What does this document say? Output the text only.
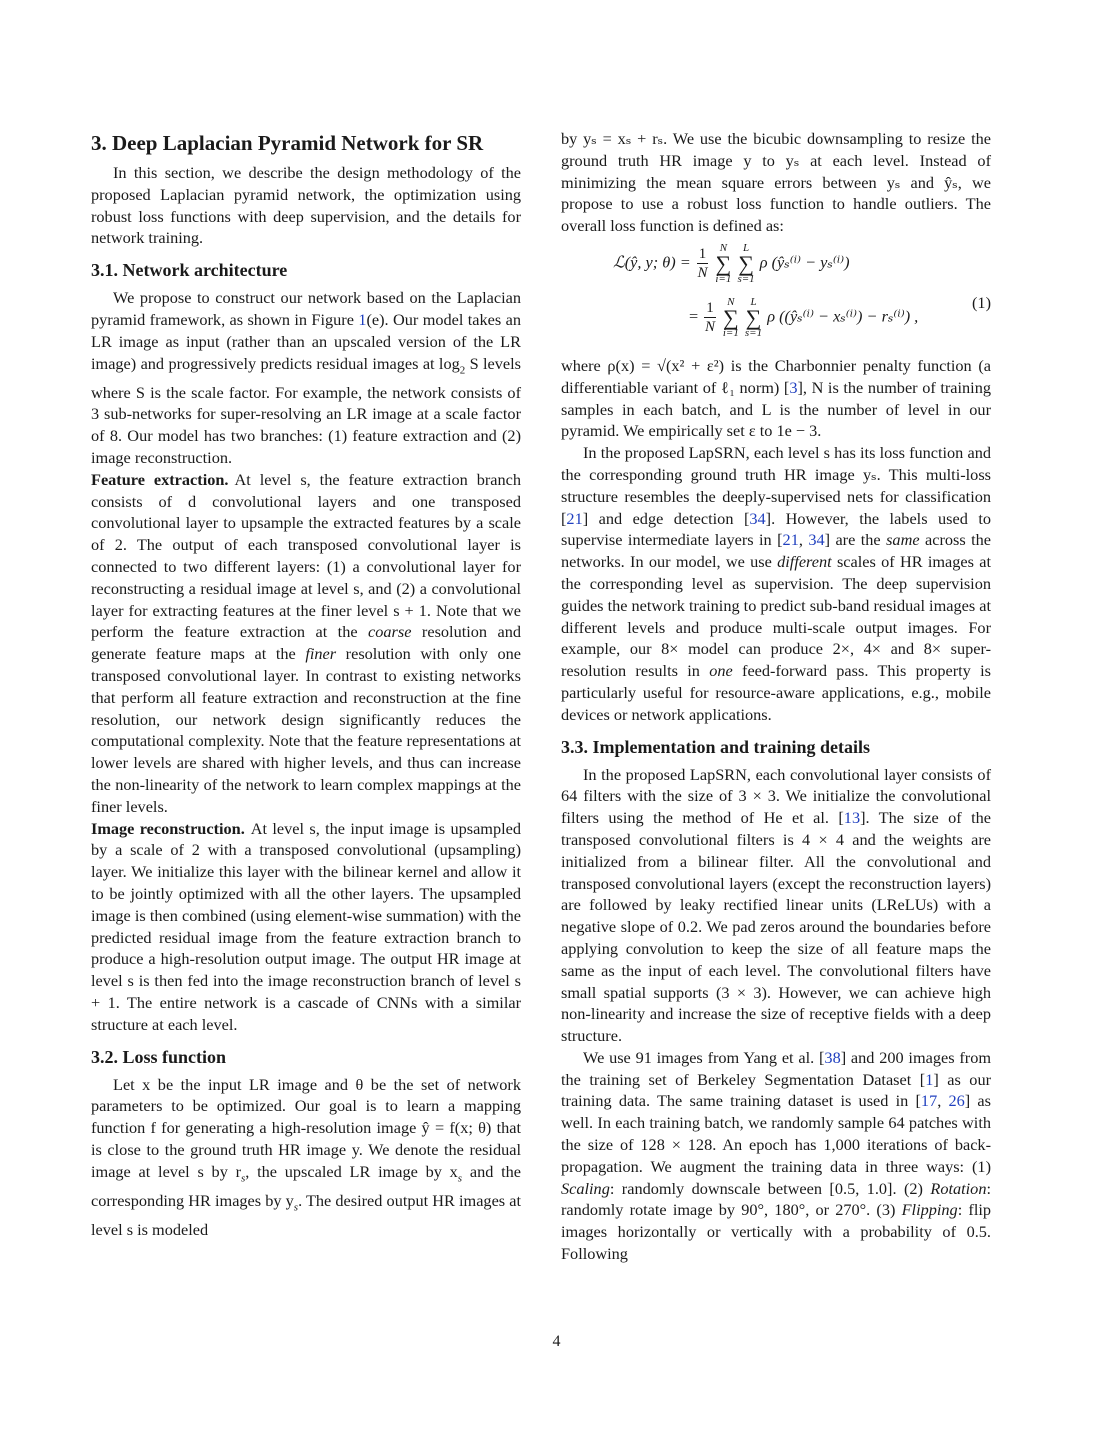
3. Deep Laplacian Pyramid Network for SR

In this section, we describe the design methodology of the proposed Laplacian pyramid network, the optimization using robust loss functions with deep supervision, and the details for network training.

3.1. Network architecture

We propose to construct our network based on the Laplacian pyramid framework, as shown in Figure 1(e). Our model takes an LR image as input (rather than an upscaled version of the LR image) and progressively predicts residual images at $\log_2 S$ levels where S is the scale factor. For example, the network consists of 3 sub-networks for super-resolving an LR image at a scale factor of 8. Our model has two branches: (1) feature extraction and (2) image reconstruction.

Feature extraction. At level s, the feature extraction branch consists of d convolutional layers and one transposed convolutional layer to upsample the extracted features by a scale of 2. The output of each transposed convolutional layer is connected to two different layers: (1) a convolutional layer for reconstructing a residual image at level s, and (2) a convolutional layer for extracting features at the finer level s + 1. Note that we perform the feature extraction at the coarse resolution and generate feature maps at the finer resolution with only one transposed convolutional layer. In contrast to existing networks that perform all feature extraction and reconstruction at the fine resolution, our network design significantly reduces the computational complexity. Note that the feature representations at lower levels are shared with higher levels, and thus can increase the non-linearity of the network to learn complex mappings at the finer levels.

Image reconstruction. At level s, the input image is upsampled by a scale of 2 with a transposed convolutional (upsampling) layer. We initialize this layer with the bilinear kernel and allow it to be jointly optimized with all the other layers. The upsampled image is then combined (using element-wise summation) with the predicted residual image from the feature extraction branch to produce a high-resolution output image. The output HR image at level s is then fed into the image reconstruction branch of level s + 1. The entire network is a cascade of CNNs with a similar structure at each level.

3.2. Loss function

Let x be the input LR image and θ be the set of network parameters to be optimized. Our goal is to learn a mapping function f for generating a high-resolution image ŷ = f(x; θ) that is close to the ground truth HR image y. We denote the residual image at level s by $r_s$, the upscaled LR image by $x_s$ and the corresponding HR images by $y_s$. The desired output HR images at level s is modeled

by yₛ = xₛ + rₛ. We use the bicubic downsampling to resize the ground truth HR image y to yₛ at each level. Instead of minimizing the mean square errors between yₛ and ŷₛ, we propose to use a robust loss function to handle outliers. The overall loss function is defined as:

ℒ(ŷ, y; $\theta) = \frac{1}{N}$
	N
∑
i=1

L
∑
s=1
ρ (ŷₛ⁽ⁱ⁾ − yₛ⁽ⁱ⁾)
= $\frac{1}{N}$
	N
∑
i=1

L
∑
s=1
ρ ((ŷₛ⁽ⁱ⁾ − xₛ⁽ⁱ⁾) − rₛ⁽ⁱ⁾) ,
(1)

where ρ(x) = √(x² + ε²) is the Charbonnier penalty function (a differentiable variant of ℓ₁ norm) [3], N is the number of training samples in each batch, and L is the number of level in our pyramid. We empirically set ε to 1e − 3.

In the proposed LapSRN, each level s has its loss function and the corresponding ground truth HR image yₛ. This multi-loss structure resembles the deeply-supervised nets for classification [21] and edge detection [34]. However, the labels used to supervise intermediate layers in [21, 34] are the same across the networks. In our model, we use different scales of HR images at the corresponding level as supervision. The deep supervision guides the network training to predict sub-band residual images at different levels and produce multi-scale output images. For example, our 8× model can produce 2×, 4× and 8× super-resolution results in one feed-forward pass. This property is particularly useful for resource-aware applications, e.g., mobile devices or network applications.

3.3. Implementation and training details

In the proposed LapSRN, each convolutional layer consists of 64 filters with the size of 3 × 3. We initialize the convolutional filters using the method of He et al. [13]. The size of the transposed convolutional filters is 4 × 4 and the weights are initialized from a bilinear filter. All the convolutional and transposed convolutional layers (except the reconstruction layers) are followed by leaky rectified linear units (LReLUs) with a negative slope of 0.2. We pad zeros around the boundaries before applying convolution to keep the size of all feature maps the same as the input of each level. The convolutional filters have small spatial supports (3 × 3). However, we can achieve high non-linearity and increase the size of receptive fields with a deep structure.

We use 91 images from Yang et al. [38] and 200 images from the training set of Berkeley Segmentation Dataset [1] as our training data. The same training dataset is used in [17, 26] as well. In each training batch, we randomly sample 64 patches with the size of 128 × 128. An epoch has 1,000 iterations of back-propagation. We augment the training data in three ways: (1) Scaling: randomly downscale between [0.5, 1.0]. (2) Rotation: randomly rotate image by 90°, 180°, or 270°. (3) Flipping: flip images horizontally or vertically with a probability of 0.5. Following

4
